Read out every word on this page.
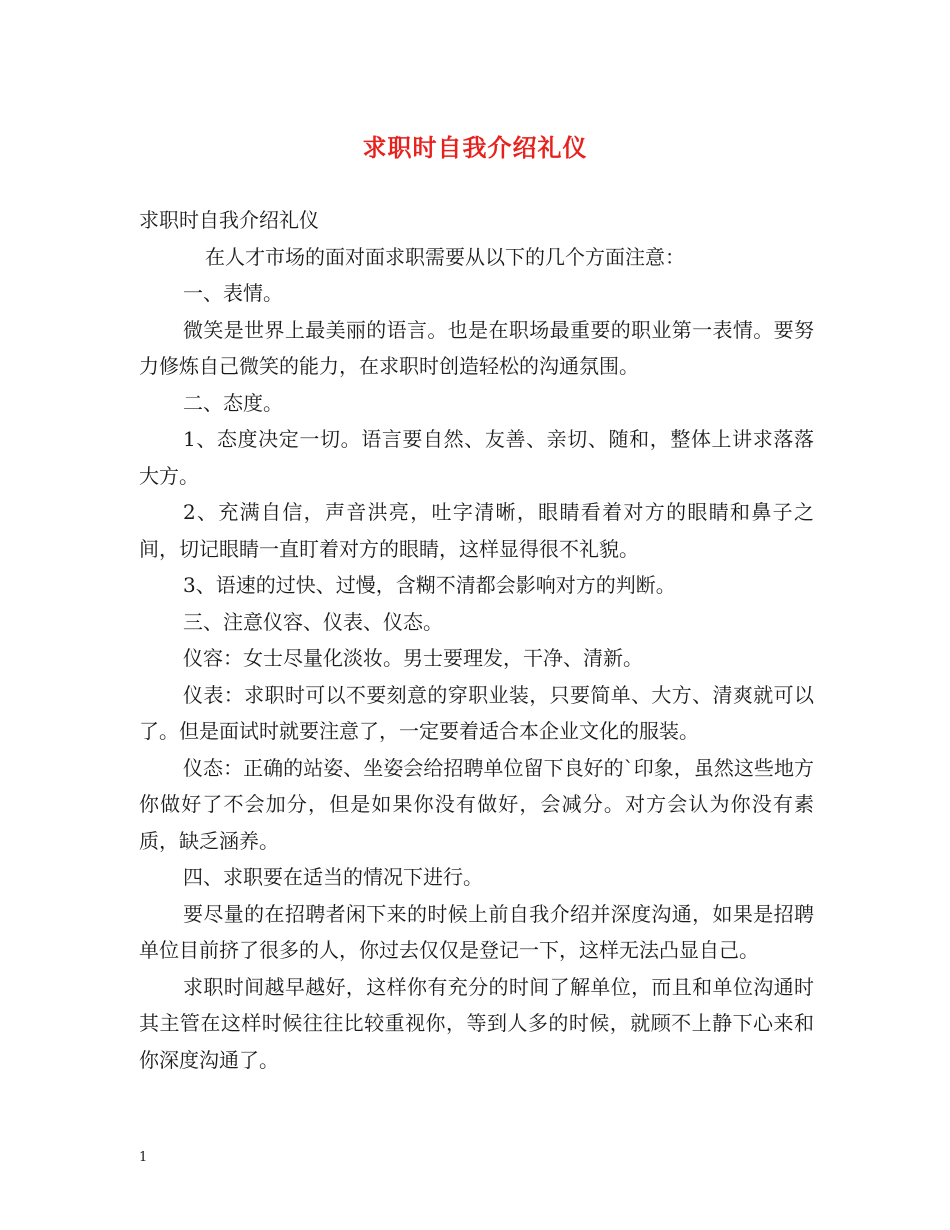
求职时自我介绍礼仪

求职时自我介绍礼仪

在人才市场的面对面求职需要从以下的几个方面注意：

一、表情。

微笑是世界上最美丽的语言。也是在职场最重要的职业第一表情。要努力修炼自己微笑的能力，在求职时创造轻松的沟通氛围。

二、态度。

1、态度决定一切。语言要自然、友善、亲切、随和，整体上讲求落落大方。

2、充满自信，声音洪亮，吐字清晰，眼睛看着对方的眼睛和鼻子之间，切记眼睛一直盯着对方的眼睛，这样显得很不礼貌。

3、语速的过快、过慢，含糊不清都会影响对方的判断。

三、注意仪容、仪表、仪态。

仪容：女士尽量化淡妆。男士要理发，干净、清新。

仪表：求职时可以不要刻意的穿职业装，只要简单、大方、清爽就可以了。但是面试时就要注意了，一定要着适合本企业文化的服装。

仪态：正确的站姿、坐姿会给招聘单位留下良好的`印象，虽然这些地方你做好了不会加分，但是如果你没有做好，会减分。对方会认为你没有素质，缺乏涵养。

四、求职要在适当的情况下进行。

要尽量的在招聘者闲下来的时候上前自我介绍并深度沟通，如果是招聘单位目前挤了很多的人，你过去仅仅是登记一下，这样无法凸显自己。

求职时间越早越好，这样你有充分的时间了解单位，而且和单位沟通时其主管在这样时候往往比较重视你，等到人多的时候，就顾不上静下心来和你深度沟通了。

1
